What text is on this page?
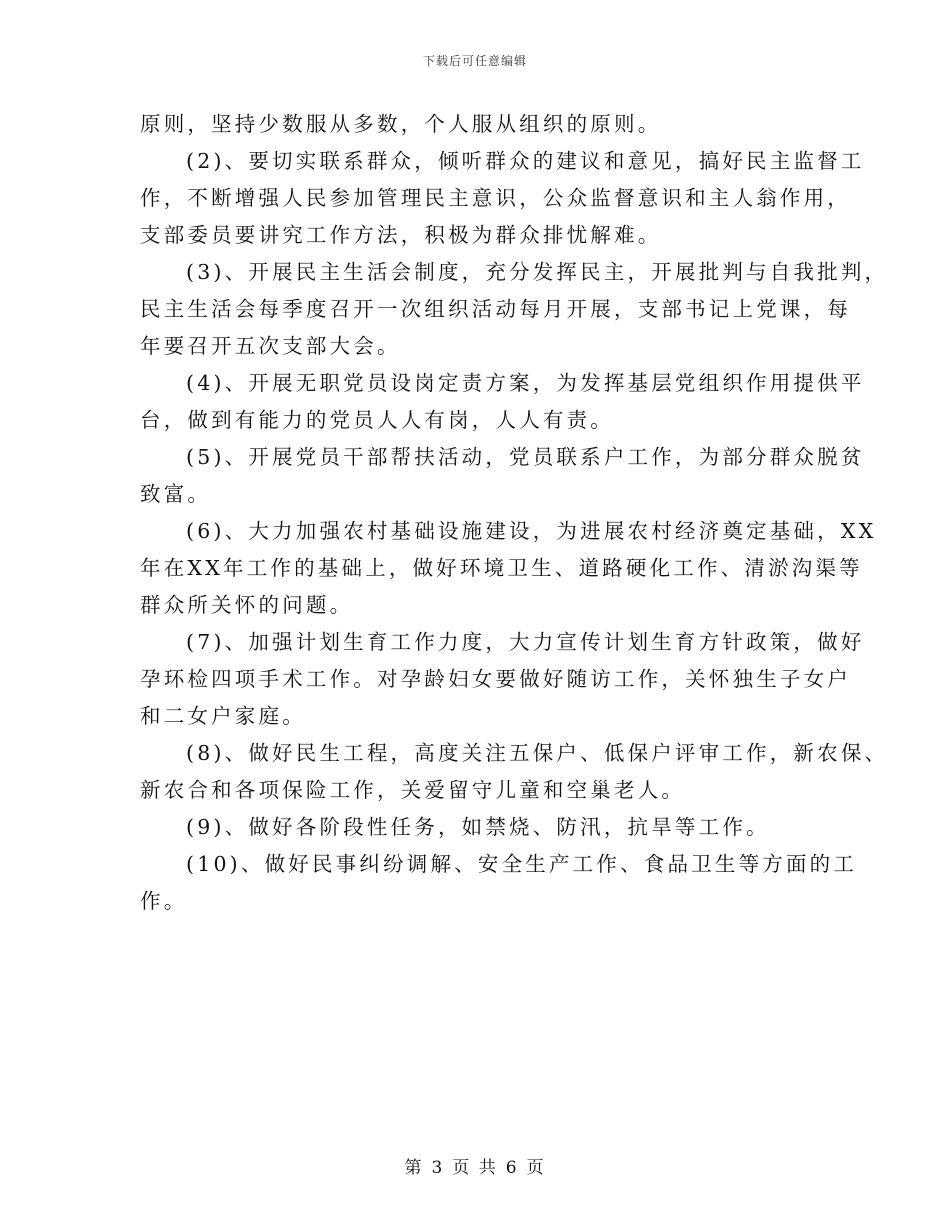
下载后可任意编辑

原则，坚持少数服从多数，个人服从组织的原则。

(2)、要切实联系群众，倾听群众的建议和意见，搞好民主监督工
作，不断增强人民参加管理民主意识，公众监督意识和主人翁作用，
支部委员要讲究工作方法，积极为群众排忧解难。

(3)、开展民主生活会制度，充分发挥民主，开展批判与自我批判，
民主生活会每季度召开一次组织活动每月开展，支部书记上党课，每
年要召开五次支部大会。

(4)、开展无职党员设岗定责方案，为发挥基层党组织作用提供平
台，做到有能力的党员人人有岗，人人有责。

(5)、开展党员干部帮扶活动，党员联系户工作，为部分群众脱贫
致富。

(6)、大力加强农村基础设施建设，为进展农村经济奠定基础，XX
年在XX年工作的基础上，做好环境卫生、道路硬化工作、清淤沟渠等
群众所关怀的问题。

(7)、加强计划生育工作力度，大力宣传计划生育方针政策，做好
孕环检四项手术工作。对孕龄妇女要做好随访工作，关怀独生子女户
和二女户家庭。

(8)、做好民生工程，高度关注五保户、低保户评审工作，新农保、
新农合和各项保险工作，关爱留守儿童和空巢老人。

(9)、做好各阶段性任务，如禁烧、防汛，抗旱等工作。

(10)、做好民事纠纷调解、安全生产工作、食品卫生等方面的工
作。

第 3 页 共 6 页
